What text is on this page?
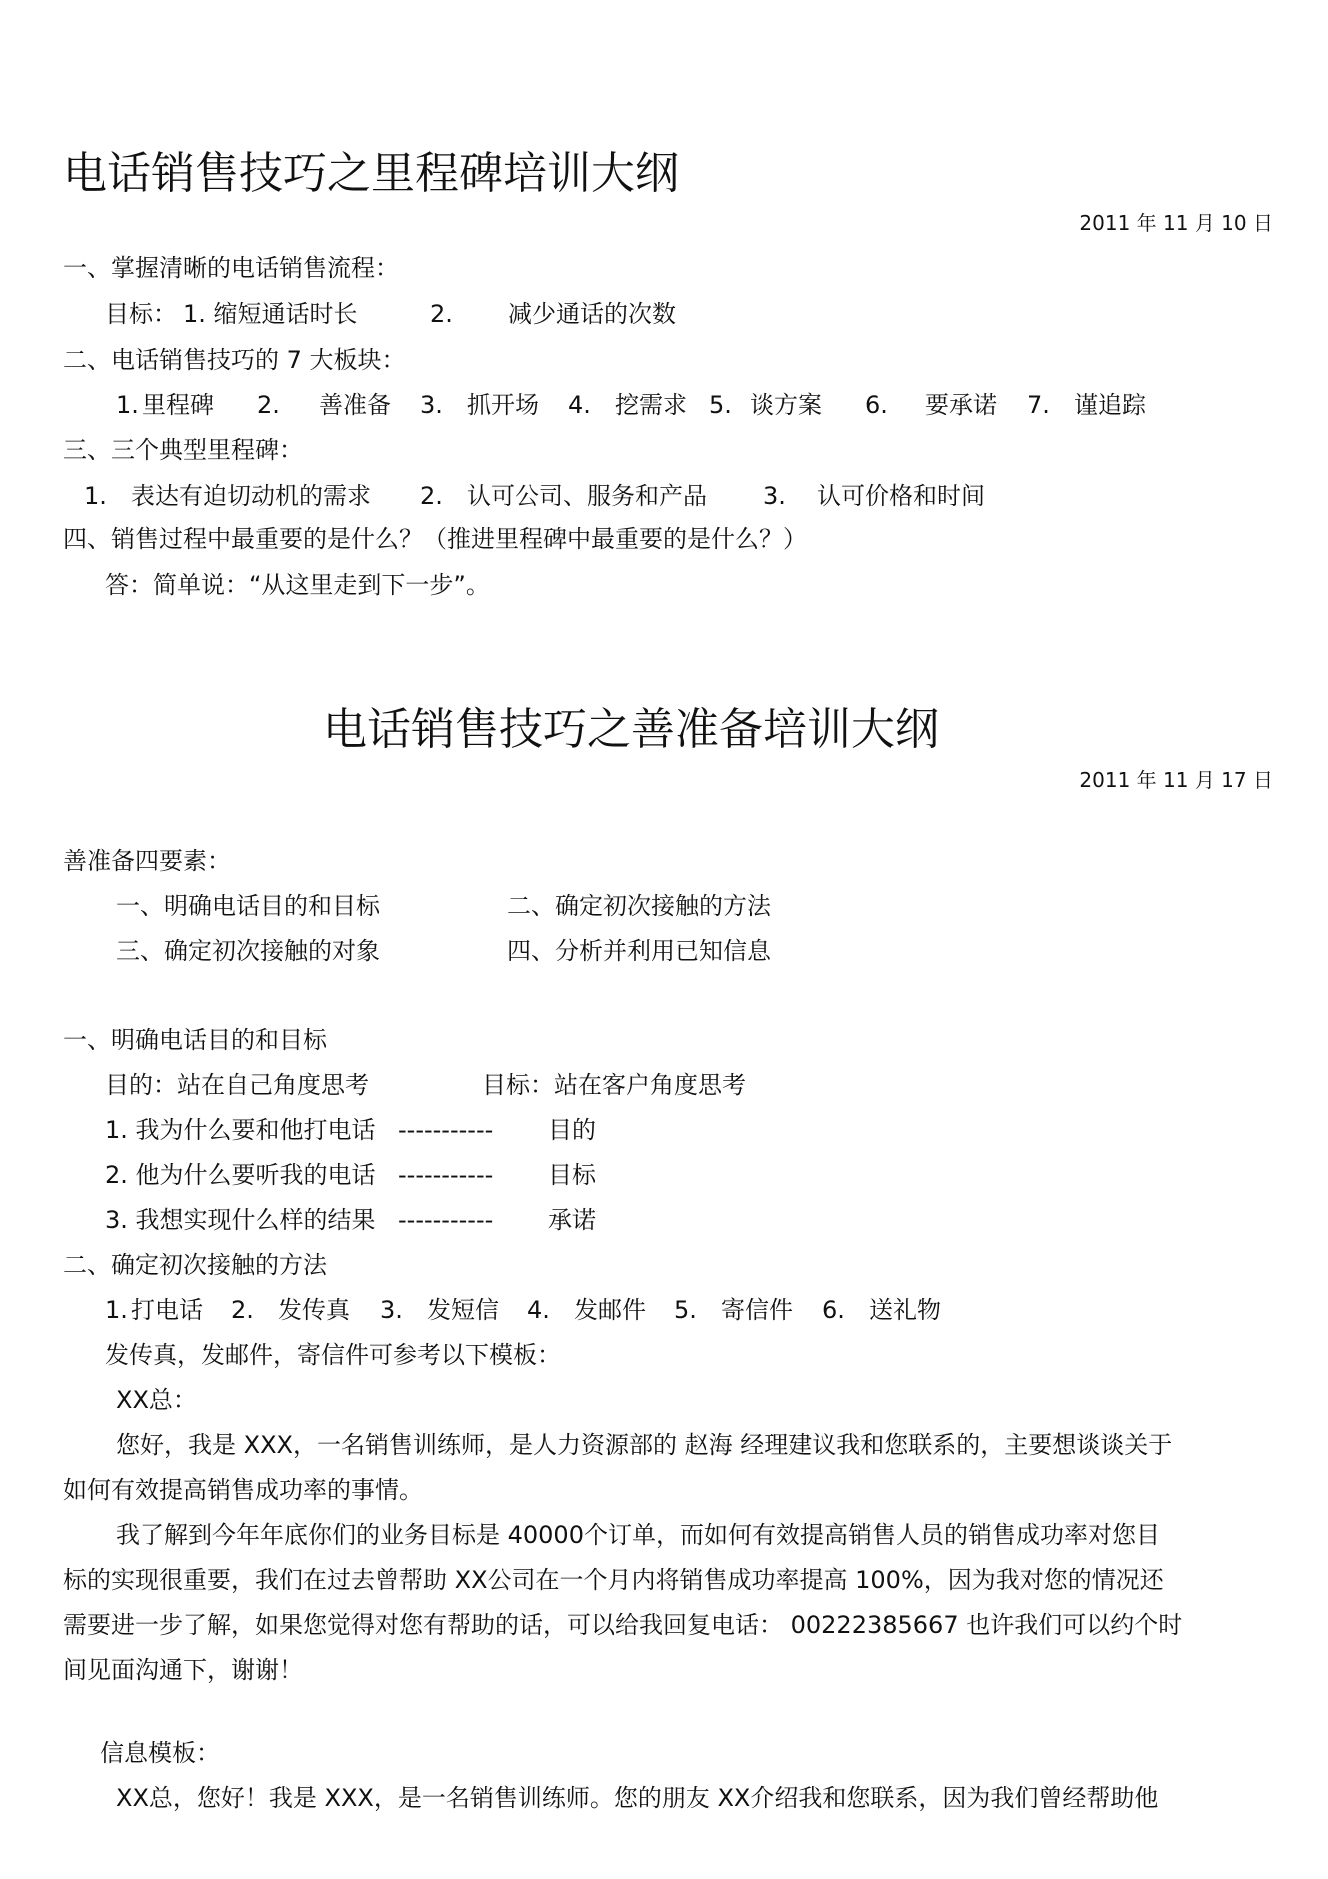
电话销售技巧之里程碑培训大纲
2011 年 11 月 10 日
一、掌握清晰的电话销售流程：
目标： 1. 缩短通话时长	2. 减少通话的次数
二、电话销售技巧的 7 大板块：
1. 里程碑 2. 善准备 3. 抓开场 4. 挖需求 5. 谈方案 6. 要承诺 7. 谨追踪
三、三个典型里程碑：
1. 表达有迫切动机的需求 2. 认可公司、服务和产品 3. 认可价格和时间
四、销售过程中最重要的是什么？（推进里程碑中最重要的是什么？）
答：简单说：“从这里走到下一步”。
电话销售技巧之善准备培训大纲
2011 年 11 月 17 日
善准备四要素：
一、明确电话目的和目标	二、确定初次接触的方法
三、确定初次接触的对象	四、分析并利用已知信息
一、明确电话目的和目标
目的：站在自己角度思考	目标：站在客户角度思考
1. 我为什么要和他打电话 ----------- 目的
2. 他为什么要听我的电话 ----------- 目标
3. 我想实现什么样的结果 ----------- 承诺
二、确定初次接触的方法
1. 打电话 2. 发传真 3. 发短信 4. 发邮件 5. 寄信件 6. 送礼物
发传真，发邮件，寄信件可参考以下模板：
XX总：
您好，我是 XXX，一名销售训练师，是人力资源部的 赵海 经理建议我和您联系的，主要想谈谈关于
如何有效提高销售成功率的事情。
我了解到今年年底你们的业务目标是 40000个订单，而如何有效提高销售人员的销售成功率对您目
标的实现很重要，我们在过去曾帮助 XX公司在一个月内将销售成功率提高 100%，因为我对您的情况还
需要进一步了解，如果您觉得对您有帮助的话，可以给我回复电话： 00222385667 也许我们可以约个时
间见面沟通下，谢谢！
信息模板：
XX总，您好！我是 XXX，是一名销售训练师。您的朋友 XX介绍我和您联系，因为我们曾经帮助他
